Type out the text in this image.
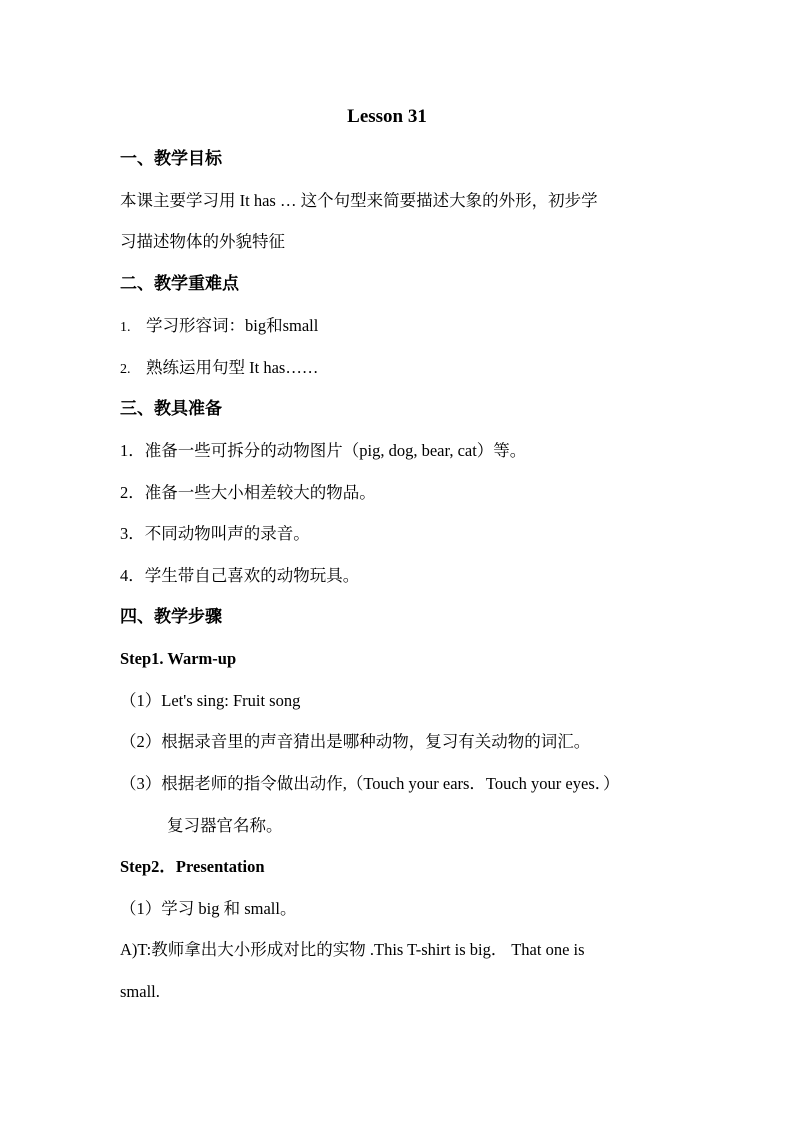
Lesson 31
一、教学目标
本课主要学习用 It has … 这个句型来简要描述大象的外形，初步学
习描述物体的外貌特征
二、教学重难点
1. 学习形容词：big和small
2. 熟练运用句型 It has……
三、教具准备
1．准备一些可拆分的动物图片（pig, dog, bear, cat）等。
2．准备一些大小相差较大的物品。
3．不同动物叫声的录音。
4．学生带自己喜欢的动物玩具。
四、教学步骤
Step1. Warm-up
（1）Let's sing: Fruit song
（2）根据录音里的声音猜出是哪种动物，复习有关动物的词汇。
（3）根据老师的指令做出动作,（Touch your ears．Touch your eyes．）
复习器官名称。
Step2．Presentation
（1）学习 big 和 small。
A)T:教师拿出大小形成对比的实物 .This T-shirt is big． That one is
small.
